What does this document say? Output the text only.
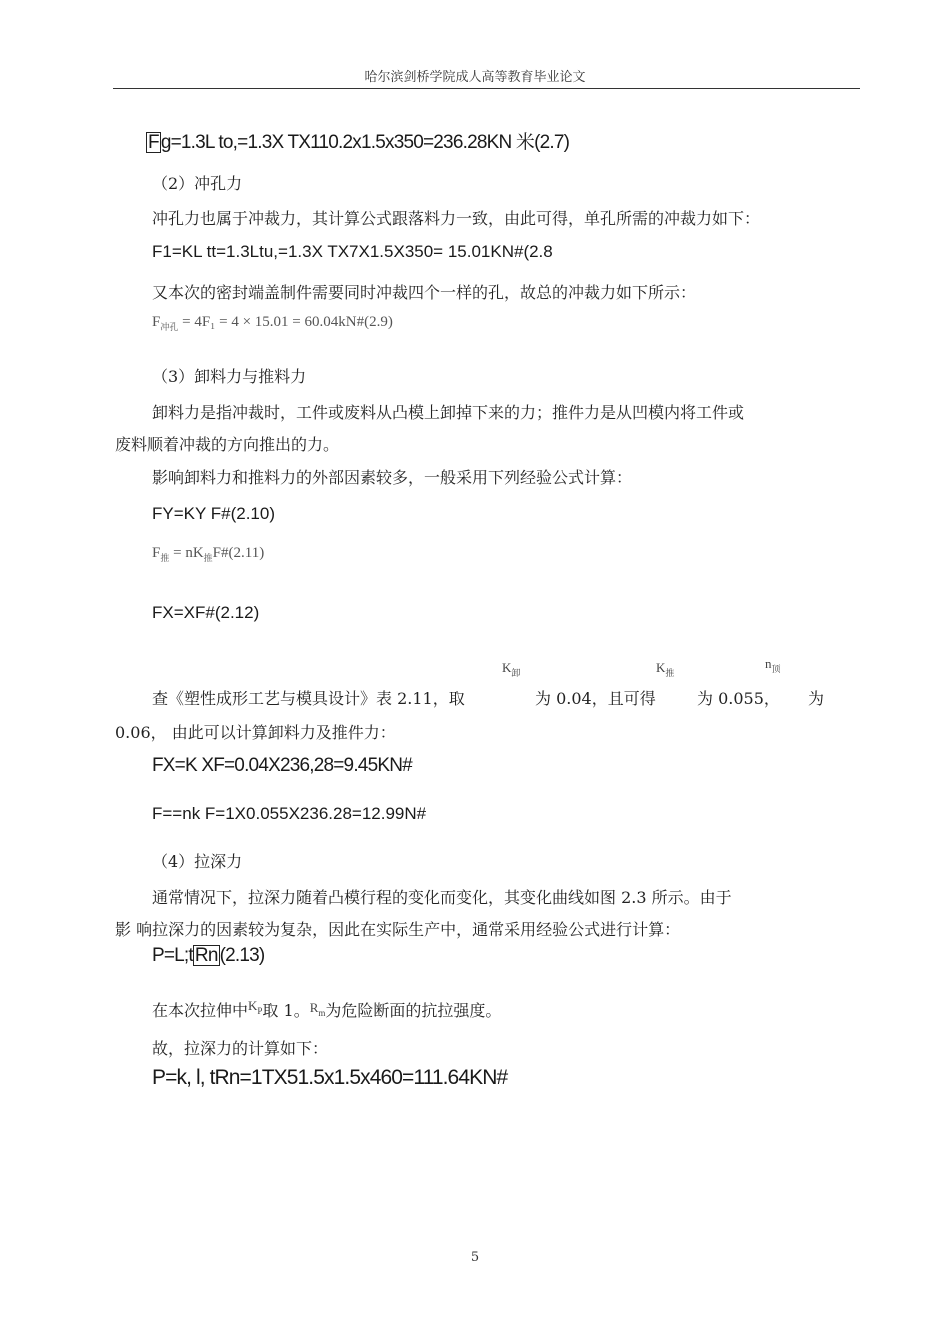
哈尔滨剑桥学院成人高等教育毕业论文
F g=1.3L to,=1.3X TX110.2x1.5x350=236.28KN 米(2.7)
（2）冲孔力
冲孔力也属于冲裁力，其计算公式跟落料力一致，由此可得，单孔所需的冲裁力如下：
F1=KL tt=1.3Ltu,=1.3X TX7X1.5X350= 15.01KN#(2.8
又本次的密封端盖制件需要同时冲裁四个一样的孔，故总的冲裁力如下所示：
$F_{冲孔} = 4F_1 = 4 \times 15.01$ = 60.04kN#(2.9)
（3）卸料力与推料力
卸料力是指冲裁时，工件或废料从凸模上卸掉下来的力；推件力是从凹模内将工件或
废料顺着冲裁的方向推出的力。
影响卸料力和推料力的外部因素较多，一般采用下列经验公式计算：
FY=KY F#(2.10)
$F_推$ = $nK_推F\#(2.11)$
FX=XF#(2.12)
$K_卸$	$K_推$
$n_顶$
查《塑性成形工艺与模具设计》表 2.11，取	为 0.04，且可得	为 0.055， 为
0.06， 由此可以计算卸料力及推件力：
FX=K XF=0.04X236,28=9.45KN#
F==nk F=1X0.055X236.28=12.99N#
（4）拉深力
通常情况下，拉深力随着凸模行程的变化而变化，其变化曲线如图 2.3 所示。由于
影 响拉深力的因素较为复杂，因此在实际生产中，通常采用经验公式进行计算：
P=L;t Rn (2.13)
在本次拉伸中$^{K_P}$取 1。$^{R_m}$为危险断面的抗拉强度。
故，拉深力的计算如下：
P=k, l, tRn=1TX51.5x1.5x460=111.64KN#
5
